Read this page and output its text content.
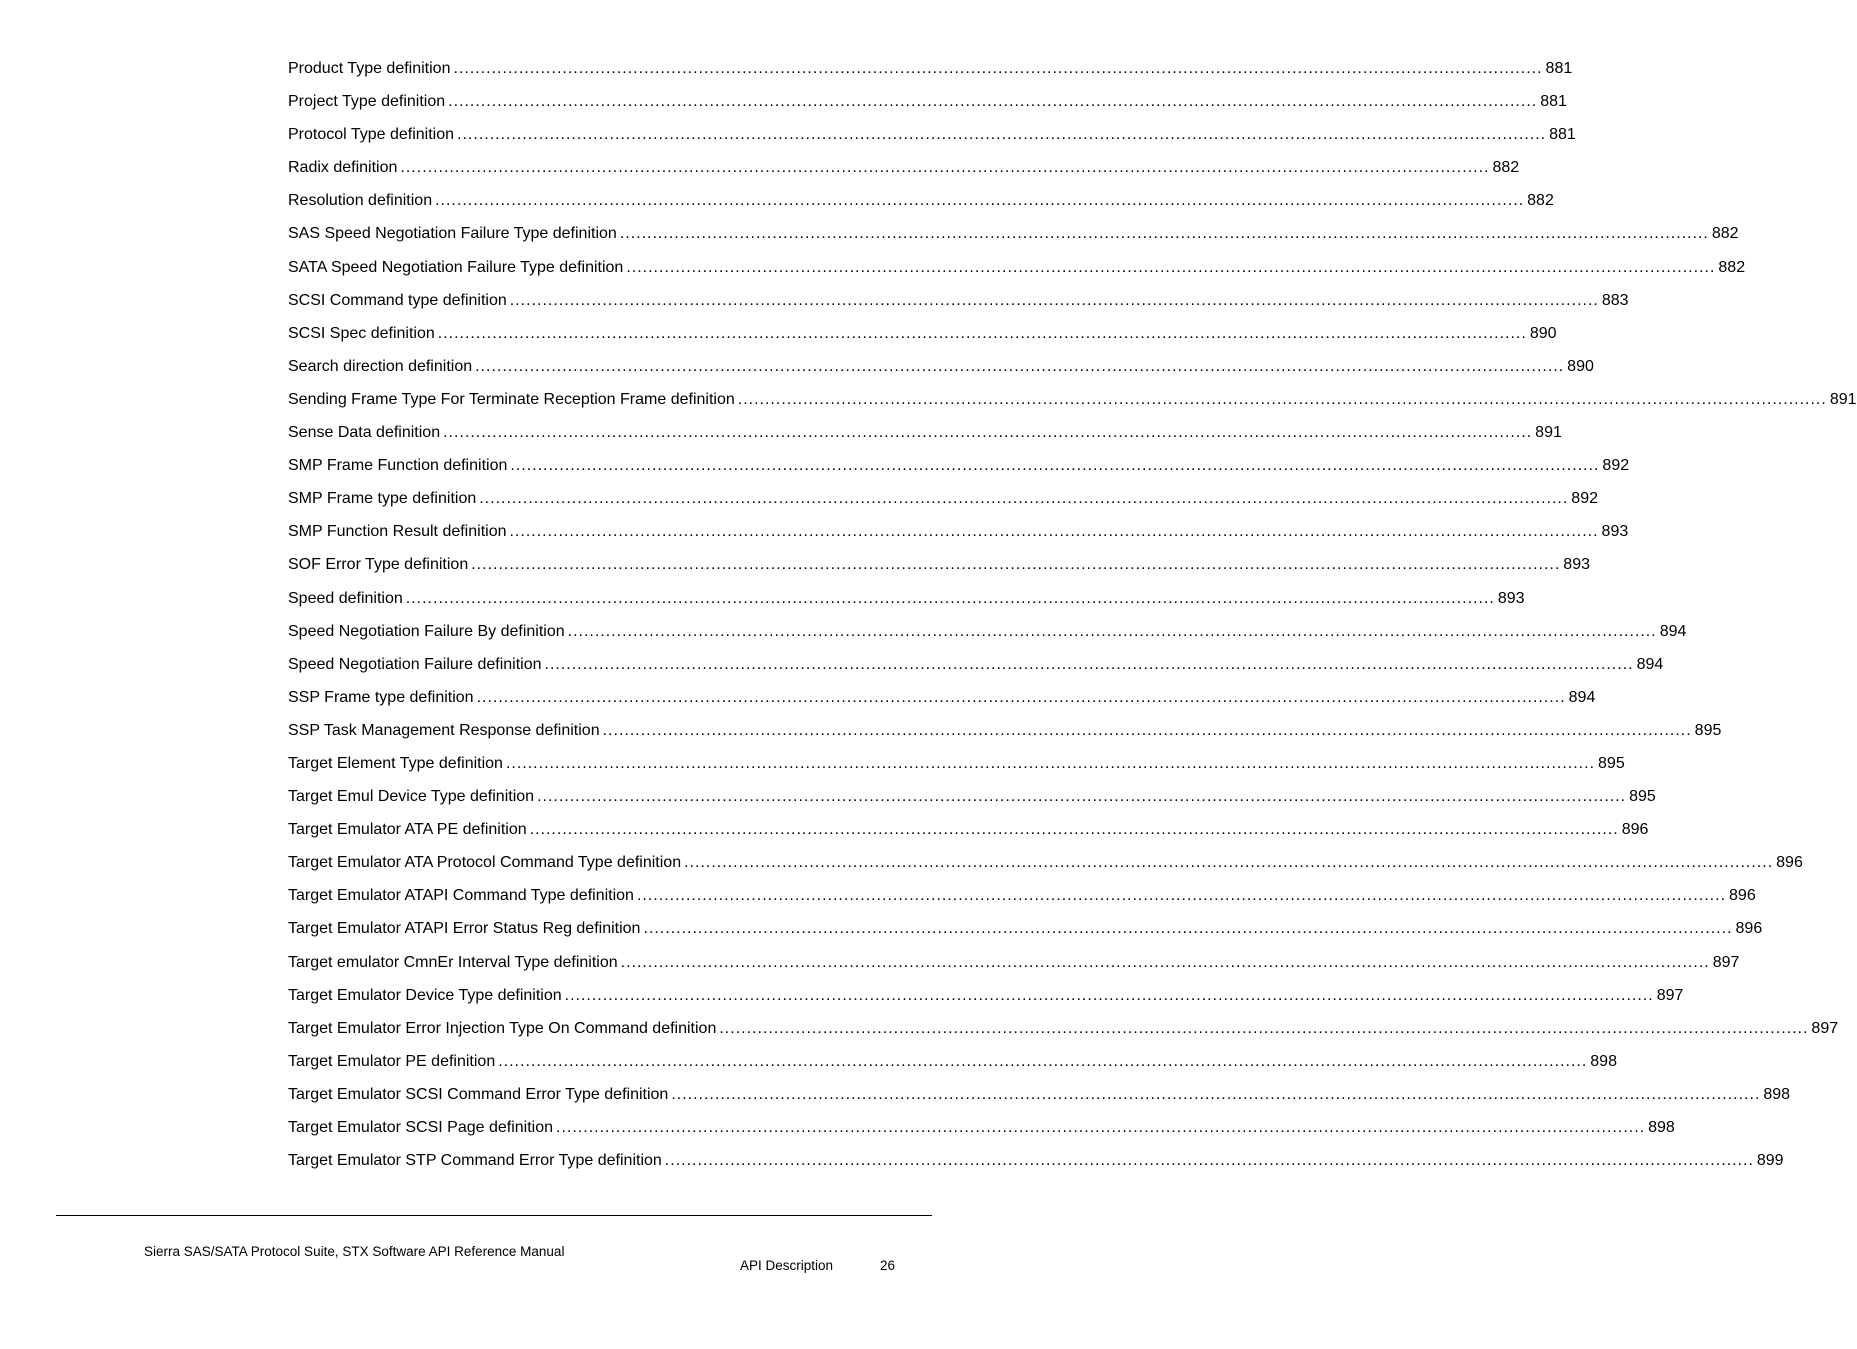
Product Type definition ........................................................................................................................................................................................................ 881
Project Type definition ........................................................................................................................................................................................................ 881
Protocol Type definition ........................................................................................................................................................................................................ 881
Radix definition ........................................................................................................................................................................................................ 882
Resolution definition ........................................................................................................................................................................................................ 882
SAS Speed Negotiation Failure Type definition ........................................................................................................................................................................................................ 882
SATA Speed Negotiation Failure Type definition ........................................................................................................................................................................................................ 882
SCSI Command type definition ........................................................................................................................................................................................................ 883
SCSI Spec definition ........................................................................................................................................................................................................ 890
Search direction definition ........................................................................................................................................................................................................ 890
Sending Frame Type For Terminate Reception Frame definition ........................................................................................................................................................................................................ 891
Sense Data definition ........................................................................................................................................................................................................ 891
SMP Frame Function definition ........................................................................................................................................................................................................ 892
SMP Frame type definition ........................................................................................................................................................................................................ 892
SMP Function Result definition ........................................................................................................................................................................................................ 893
SOF Error Type definition ........................................................................................................................................................................................................ 893
Speed definition ........................................................................................................................................................................................................ 893
Speed Negotiation Failure By definition ........................................................................................................................................................................................................ 894
Speed Negotiation Failure definition ........................................................................................................................................................................................................ 894
SSP Frame type definition ........................................................................................................................................................................................................ 894
SSP Task Management Response definition ........................................................................................................................................................................................................ 895
Target Element Type definition ........................................................................................................................................................................................................ 895
Target Emul Device Type definition ........................................................................................................................................................................................................ 895
Target Emulator ATA PE definition ........................................................................................................................................................................................................ 896
Target Emulator ATA Protocol Command Type definition ........................................................................................................................................................................................................ 896
Target Emulator ATAPI Command Type definition ........................................................................................................................................................................................................ 896
Target Emulator ATAPI Error Status Reg definition ........................................................................................................................................................................................................ 896
Target emulator CmnEr Interval Type definition ........................................................................................................................................................................................................ 897
Target Emulator Device Type definition ........................................................................................................................................................................................................ 897
Target Emulator Error Injection Type On Command definition ........................................................................................................................................................................................................ 897
Target Emulator PE definition ........................................................................................................................................................................................................ 898
Target Emulator SCSI Command Error Type definition ........................................................................................................................................................................................................ 898
Target Emulator SCSI Page definition ........................................................................................................................................................................................................ 898
Target Emulator STP Command Error Type definition ........................................................................................................................................................................................................ 899
Sierra SAS/SATA Protocol Suite, STX Software API Reference Manual
API Description	26
